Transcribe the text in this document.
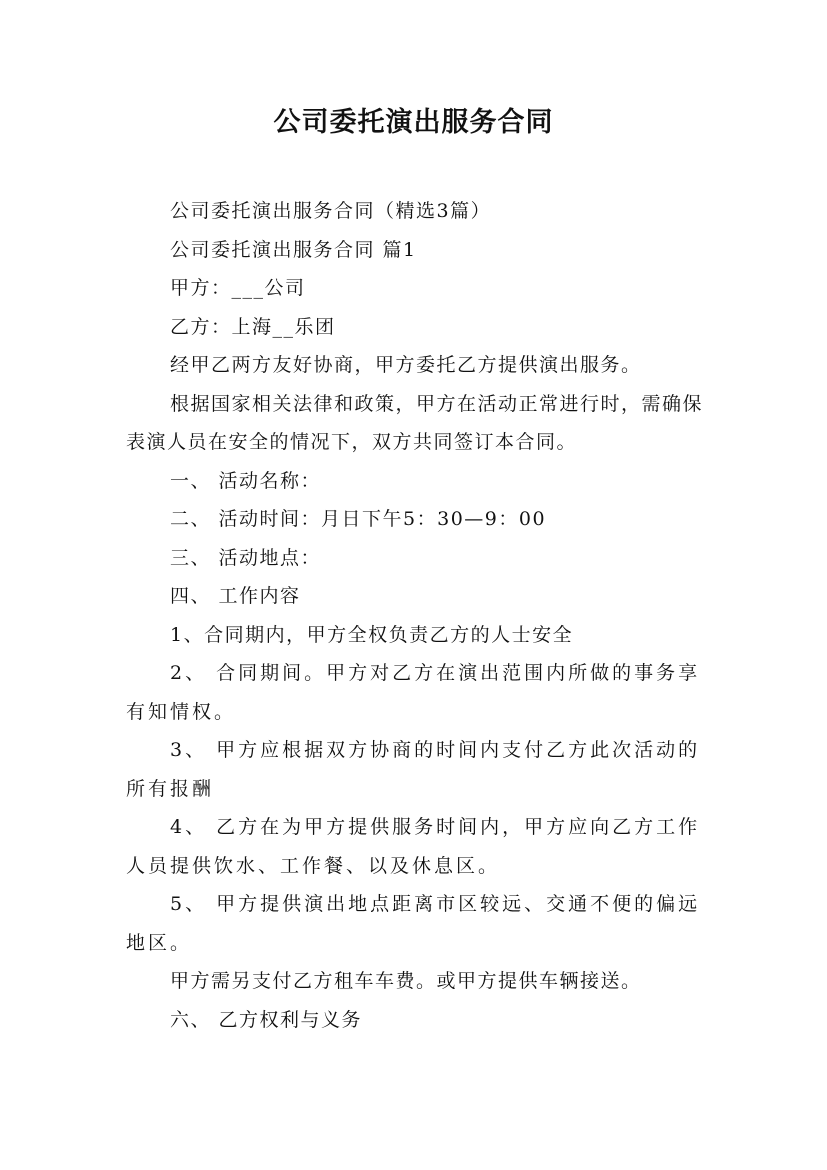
公司委托演出服务合同

公司委托演出服务合同（精选3篇）

公司委托演出服务合同 篇1

甲方：___公司

乙方：上海__乐团

经甲乙两方友好协商，甲方委托乙方提供演出服务。

根据国家相关法律和政策，甲方在活动正常进行时，需确保表演人员在安全的情况下，双方共同签订本合同。

一、 活动名称：

二、 活动时间：月日下午5：30—9：00

三、 活动地点：

四、 工作内容

1、合同期内，甲方全权负责乙方的人士安全

2、 合同期间。甲方对乙方在演出范围内所做的事务享有知情权。

3、 甲方应根据双方协商的时间内支付乙方此次活动的所有报酬

4、 乙方在为甲方提供服务时间内，甲方应向乙方工作人员提供饮水、工作餐、以及休息区。

5、 甲方提供演出地点距离市区较远、交通不便的偏远地区。

甲方需另支付乙方租车车费。或甲方提供车辆接送。

六、 乙方权利与义务
